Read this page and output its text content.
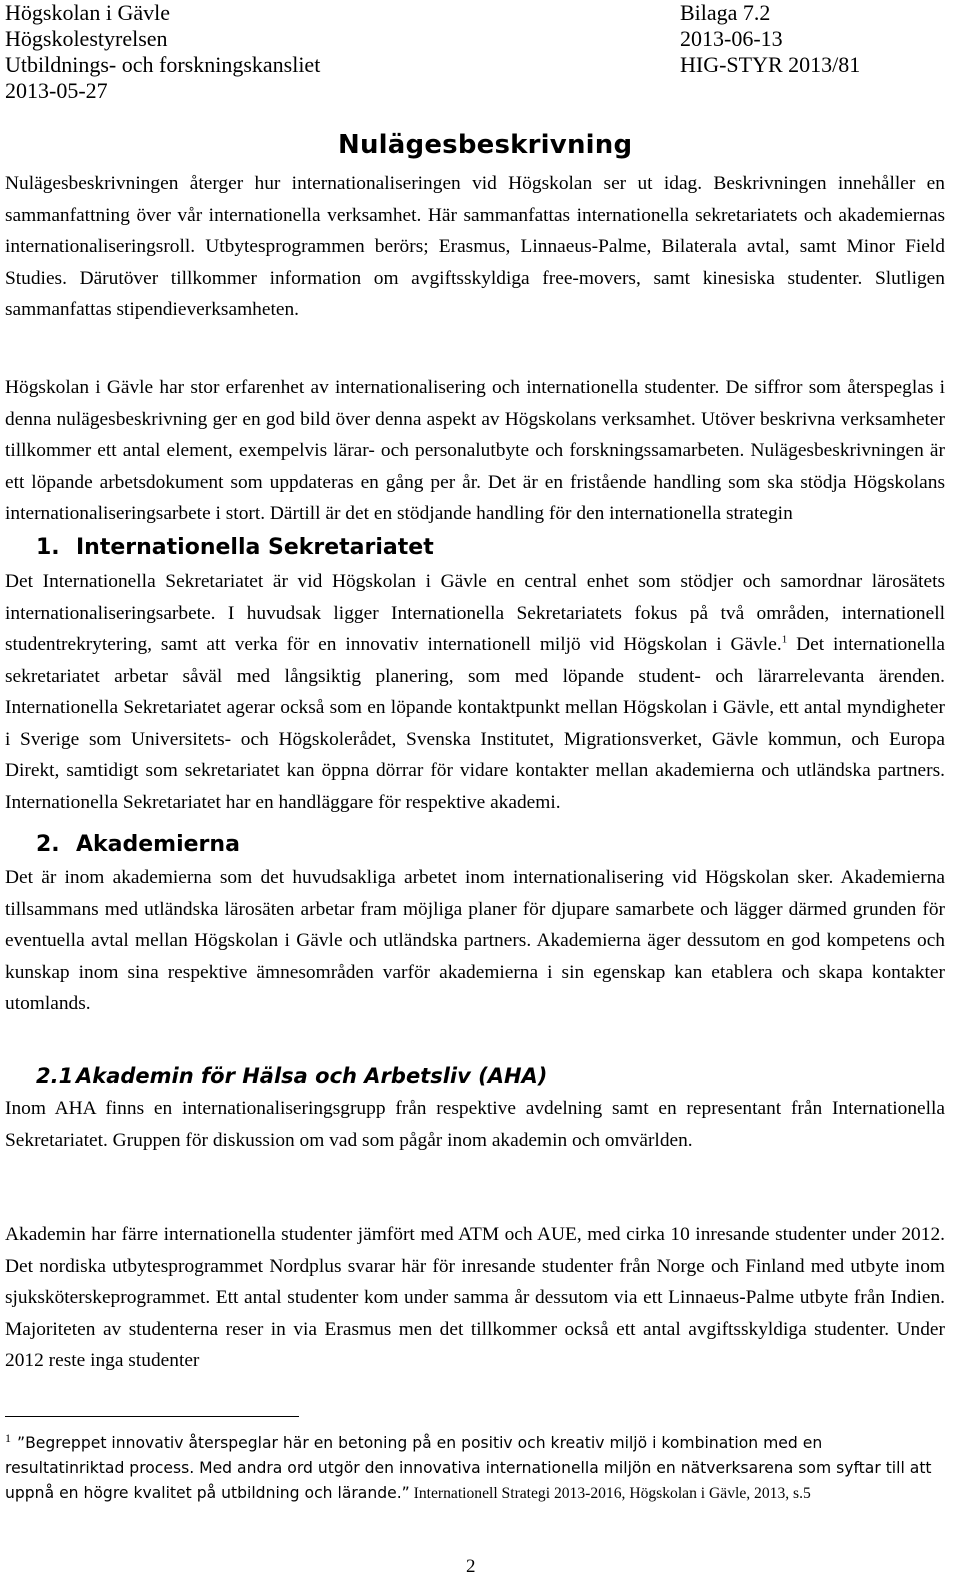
Högskolan i Gävle
Högskolestyrelsen
Utbildnings- och forskningskansliet
2013-05-27
Bilaga 7.2
2013-06-13
HIG-STYR 2013/81
Nulägesbeskrivning
Nulägesbeskrivningen återger hur internationaliseringen vid Högskolan ser ut idag. Beskrivningen innehåller en sammanfattning över vår internationella verksamhet. Här sammanfattas internationella sekretariatets och akademiernas internationaliseringsroll. Utbytesprogrammen berörs; Erasmus, Linnaeus-Palme, Bilaterala avtal, samt Minor Field Studies. Därutöver tillkommer information om avgiftsskyldiga free-movers, samt kinesiska studenter. Slutligen sammanfattas stipendieverksamheten.
Högskolan i Gävle har stor erfarenhet av internationalisering och internationella studenter. De siffror som återspeglas i denna nulägesbeskrivning ger en god bild över denna aspekt av Högskolans verksamhet. Utöver beskrivna verksamheter tillkommer ett antal element, exempelvis lärar- och personalutbyte och forskningssamarbeten. Nulägesbeskrivningen är ett löpande arbetsdokument som uppdateras en gång per år. Det är en fristående handling som ska stödja Högskolans internationaliseringsarbete i stort. Därtill är det en stödjande handling för den internationella strategin
1. Internationella Sekretariatet
Det Internationella Sekretariatet är vid Högskolan i Gävle en central enhet som stödjer och samordnar lärosätets internationaliseringsarbete. I huvudsak ligger Internationella Sekretariatets fokus på två områden, internationell studentrekrytering, samt att verka för en innovativ internationell miljö vid Högskolan i Gävle.$^1$ Det internationella sekretariatet arbetar såväl med långsiktig planering, som med löpande student- och lärarrelevanta ärenden. Internationella Sekretariatet agerar också som en löpande kontaktpunkt mellan Högskolan i Gävle, ett antal myndigheter i Sverige som Universitets- och Högskolerådet, Svenska Institutet, Migrationsverket, Gävle kommun, och Europa Direkt, samtidigt som sekretariatet kan öppna dörrar för vidare kontakter mellan akademierna och utländska partners. Internationella Sekretariatet har en handläggare för respektive akademi.
2. Akademierna
Det är inom akademierna som det huvudsakliga arbetet inom internationalisering vid Högskolan sker. Akademierna tillsammans med utländska lärosäten arbetar fram möjliga planer för djupare samarbete och lägger därmed grunden för eventuella avtal mellan Högskolan i Gävle och utländska partners. Akademierna äger dessutom en god kompetens och kunskap inom sina respektive ämnesområden varför akademierna i sin egenskap kan etablera och skapa kontakter utomlands.
2.1 Akademin för Hälsa och Arbetsliv (AHA)
Inom AHA finns en internationaliseringsgrupp från respektive avdelning samt en representant från Internationella Sekretariatet. Gruppen för diskussion om vad som pågår inom akademin och omvärlden.
Akademin har färre internationella studenter jämfört med ATM och AUE, med cirka 10 inresande studenter under 2012. Det nordiska utbytesprogrammet Nordplus svarar här för inresande studenter från Norge och Finland med utbyte inom sjuksköterskeprogrammet. Ett antal studenter kom under samma år dessutom via ett Linnaeus-Palme utbyte från Indien. Majoriteten av studenterna reser in via Erasmus men det tillkommer också ett antal avgiftsskyldiga studenter. Under 2012 reste inga studenter
$^1$ ”Begreppet innovativ återspeglar här en betoning på en positiv och kreativ miljö i kombination med en resultatinriktad process. Med andra ord utgör den innovativa internationella miljön en nätverksarena som syftar till att uppnå en högre kvalitet på utbildning och lärande.” Internationell Strategi 2013-2016, Högskolan i Gävle, 2013, s.5
2
